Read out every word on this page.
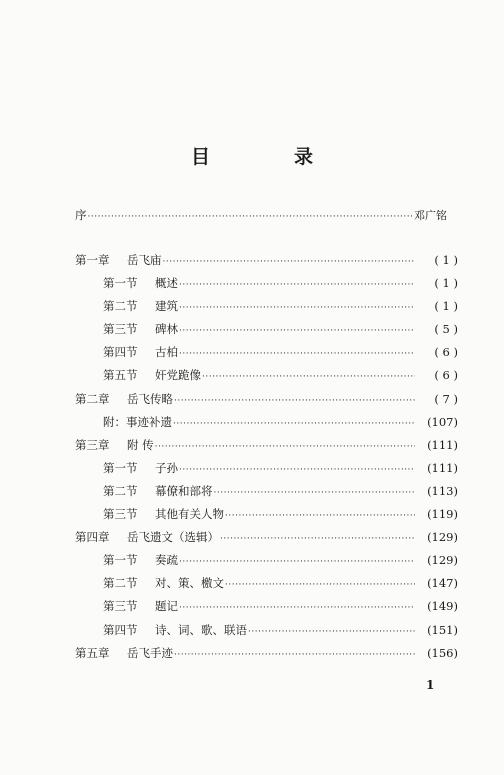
目 录
序 ·····	邓广铭
第一章	岳飞庙 ·····	( 1 )
第一节	概述 ·····	( 1 )
第二节	建筑 ·····	( 1 )
第三节	碑林 ·····	( 5 )
第四节	古柏 ·····	( 6 )
第五节	奸党跪像 ·····	( 6 )
第二章	岳飞传略 ·····	( 7 )
附：事迹补遗 ·····	(107)
第三章	附 传 ·····	(111)
第一节	子孙 ·····	(111)
第二节	幕僚和部将 ·····	(113)
第三节	其他有关人物 ·····	(119)
第四章	岳飞遗文（选辑） ·····	(129)
第一节	奏疏 ·····	(129)
第二节	对、策、檄文 ·····	(147)
第三节	题记 ·····	(149)
第四节	诗、词、歌、联语 ·····	(151)
第五章	岳飞手迹 ·····	(156)
1
